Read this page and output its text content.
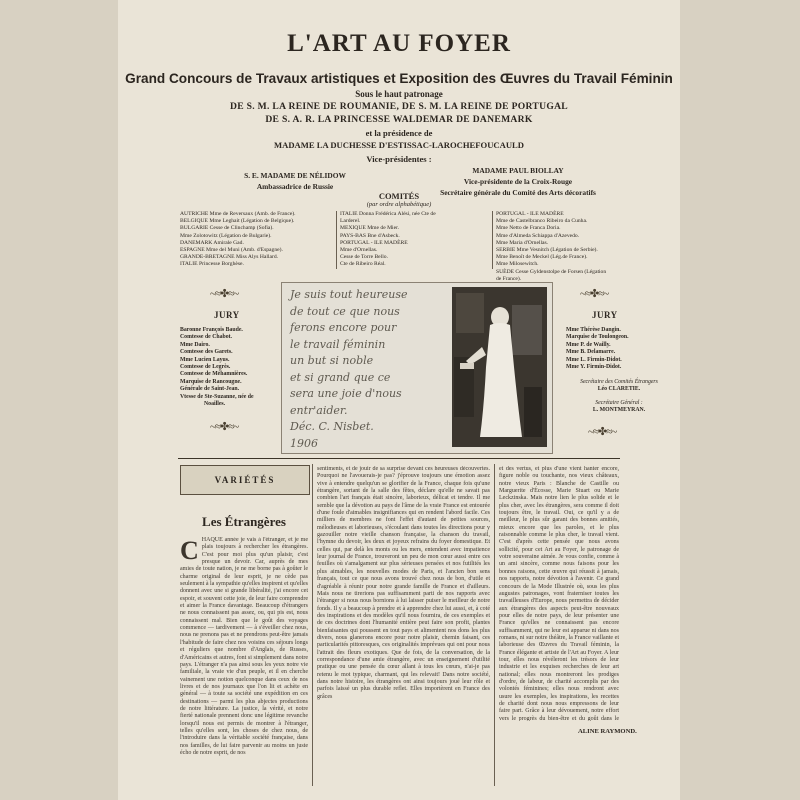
L'ART AU FOYER
Grand Concours de Travaux artistiques et Exposition des Œuvres du Travail Féminin
Sous le haut patronage
DE S. M. LA REINE DE ROUMANIE, DE S. M. LA REINE DE PORTUGAL
DE S. A. R. LA PRINCESSE WALDEMAR DE DANEMARK
et la présidence de
MADAME LA DUCHESSE D'ESTISSAC-LAROCHEFOUCAULD
Vice-présidentes :
S. E. MADAME DE NÉLIDOW
Ambassadrice de Russie
MADAME PAUL BIOLLAY
Vice-présidente de la Croix-Rouge
Secrétaire générale du Comité des Arts décoratifs
COMITÉS
(par ordre alphabétique)
AUTRICHE Mme de Reversaux (Amb. de France).
BELGIQUE Mme Leghait (Légation de Belgique).
BULGARIE Cesse de Clinchamp (Sofia).
Mme Zolotowitz (Légation de Bulgarie).
DANEMARK Amirale Gad.
ESPAGNE Mme del Muni (Amb. d'Espagne).
GRANDE-BRETAGNE Miss Alys Hallard.
ITALIE Princesse Borghèse.
ITALIE Donna Frédérica Alési, née Cte de
Larderel.
MEXIQUE Mme de Mier.
PAYS-BAS Bne d'Asbeck.
PORTUGAL - ILE MADÈRE
Mme d'Ornellas.
Cesse de Torre Bello.
Cte de Ribeiro Réal.
PORTUGAL - ILE MADÈRE
Mme de Castelbranco Ribeiro da Cunha.
Mme Netto de Franca Doria.
Mme d'Almeda Schiappa d'Azevedo.
Mme Maria d'Ornellas.
SERBIE Mme Vesnitch (Légation de Serbie).
Mme Benoît de Meckel (Lég.de France).
Mme Milosewitch.
SUÈDE Cesse Gyldenstolpe de Forsen (Légation
de France).
~≈✤≈~	~≈✤≈~
JURY
Baronne François Baude.
Comtesse de Chabot.
Mme Dairo.
Comtesse des Garets.
Mme Lucien Layus.
Comtesse de Legrès.
Comtesse de Méhamnières.
Marquise de Rancougne.
Générale de Saint-Jean.
Vtesse de Ste-Suzanne, née de
Noailles.
JURY
Mme Thérèse Dangin.
Marquise de Toulongeon.
Mme P. de Wailly.
Mme B. Delamarre.
Mme L. Firmin-Didot.
Mme Y. Firmin-Didot.
Secrétaire des Comités Étrangers
Léo CLARETIE.
Secrétaire Général :
L. MONTMEYRAN.
~≈✤≈~	~≈✤≈~
Je suis tout heureuse
de tout ce que nous
ferons encore pour
le travail féminin
un but si noble
et si grand que ce
sera une joie d'nous
entr'aider.
Déc. C. Nisbet.
1906
VARIÉTÉS
Les Étrangères
CHAQUE année je vais à l'étranger, et je me plais toujours à rechercher les étrangères. C'est pour moi plus qu'un plaisir, c'est presque un devoir. Car, auprès de mes amies de toute nation, je ne me borne pas à goûter le charme original de leur esprit, je ne cède pas seulement à la sympathie qu'elles inspirent et qu'elles donnent avec une si grande libéralité, j'ai encore cet espoir, et souvent cette joie, de leur faire comprendre et aimer la France davantage. Beaucoup d'étrangers ne nous connaissent pas assez, ou, qui pis est, nous connaissent mal. Bien que le goût des voyages commence — tardivement — à s'éveiller chez nous, nous ne prenons pas et ne prendrons peut-être jamais l'habitude de faire chez nos voisins ces séjours longs et réguliers que nombre d'Anglais, de Russes, d'Américains et autres, font si simplement dans notre pays. L'étranger n'a pas ainsi sous les yeux notre vie familiale, la vraie vie d'un peuple, et il en cherche vainement une notion quelconque dans ceux de nos livres et de nos journaux que l'on lit et achète en général — à toute sa société une expédition en ces destinations — parmi les plus abjectes productions de notre littérature. La justice, la vérité, et notre fierté nationale prennent donc une légitime revanche lorsqu'il nous est permis de montrer à l'étranger, telles qu'elles sont, les choses de chez nous, de l'introduire dans la véritable société française, dans nos familles, de lui faire parvenir au moins un juste écho de notre esprit, de nos
sentiments, et de jouir de sa surprise devant ces heureuses découvertes. Pourquoi ne l'avouerais-je pas? j'éprouve toujours une émotion assez vive à entendre quelqu'un se glorifier de la France, chaque fois qu'une étrangère, sortant de la salle des fêtes, déclare qu'elle ne savait pas combien l'art français était sincère, laborieux, délicat et tendre. Il me semble que la dévotion au pays de l'âme de la vraie France est entourée d'une foule d'aimables insignifiances qui en rendent l'abord facile. Ces milliers de membres ne font l'effet d'autant de petites sources, mélodieuses et laborieuses, s'écoulant dans toutes les directions pour y gazouiller notre vieille chanson française, la chanson du travail, l'hymne du devoir, les deux et joyeux refrains du foyer domestique. Et celles qui, par delà les monts ou les mers, entendent avec impatience leur journal de France, trouveront un peu de mon cœur aussi entre ces feuilles où s'amalgament sur plus sérieuses pensées et nos futilités les plus aimables, les nouvelles modes de Paris, et l'ancien bon sens français, tout ce que nous avons trouvé chez nous de bon, d'utile et d'agréable à réunir pour notre grande famille de France et d'ailleurs. Mais nous ne tirerions pas suffisamment parti de nos rapports avec l'étranger si nous nous bornions à lui laisser puiser le meilleur de notre fonds. Il y a beaucoup à prendre et à apprendre chez lui aussi, et, à coté des inspirations et des modèles qu'il nous fournira, de ces exemples et de ces doctrines dont l'humanité entière peut faire son profit, plantes bienfaisantes qui poussent en tout pays et alimentent nos dons les plus divers, nous glanerons encore pour notre plaisir, chemin faisant, ces particularités pittoresques, ces originalités imprévues qui ont pour nous l'attrait des fleurs exotiques. Que de fois, de la conversation, de la correspondance d'une amie étrangère, avec un enseignement d'utilité pratique ou une pensée du cœur allant à tous les cœurs, n'ai-je pas retenu le mot typique, charmant, qui les relevait! Dans notre société, dans notre histoire, les étrangères ont ainsi toujours joué leur rôle et parfois laissé un plus durable reflet. Elles importèrent en France des grâces
et des vertus, et plus d'une vient hanter encore, figure noble ou touchante, nos vieux châteaux, notre vieux Paris : Blanche de Castille ou Marguerite d'Écosse, Marie Stuart ou Marie Leckzinska. Mais notre lien le plus solide et le plus cher, avec les étrangères, sera comme il doit toujours être, le travail. Oui, ce qu'il y a de meilleur, le plus sûr garant des bonnes amitiés, mieux encore que les paroles, et le plus raisonnable comme le plus cher, le travail vient. C'est d'après cette pensée que nous avons sollicité, pour cet Art au Foyer, le patronage de votre souveraine aimée. Je vous confie, comme à un ami sincère, comme nous faisons pour les bonnes raisons, cette œuvre qui réussit à jamais, nos rapports, notre dévotion à l'avenir. Ce grand concours de la Mode Illustrée où, sous les plus augustes patronages, vont fraterniser toutes les travailleuses d'Europe, nous permettra de décider aux étrangères des aspects peut-être nouveaux pour elles de notre pays, de leur présenter une France qu'elles ne connaissent pas encore suffisamment, qui ne leur est apparue ni dans nos romans, ni sur notre théâtre, la France vaillante et laborieuse des Œuvres du Travail féminin, la France élégante et artiste de l'Art au Foyer. A leur tour, elles nous révéleront les trésors de leur industrie et les exquises recherches de leur art national; elles nous montreront les prodiges d'ordre, de labeur, de charité accomplis par des volontés féminines; elles nous rendront avec usure les exemples, les inspirations, les recettes de charité dont nous nous empressons de leur faire part. Grâce à leur dévouement, notre effort vers le progrès du bien-être et du goût dans le
ALINE RAYMOND.
